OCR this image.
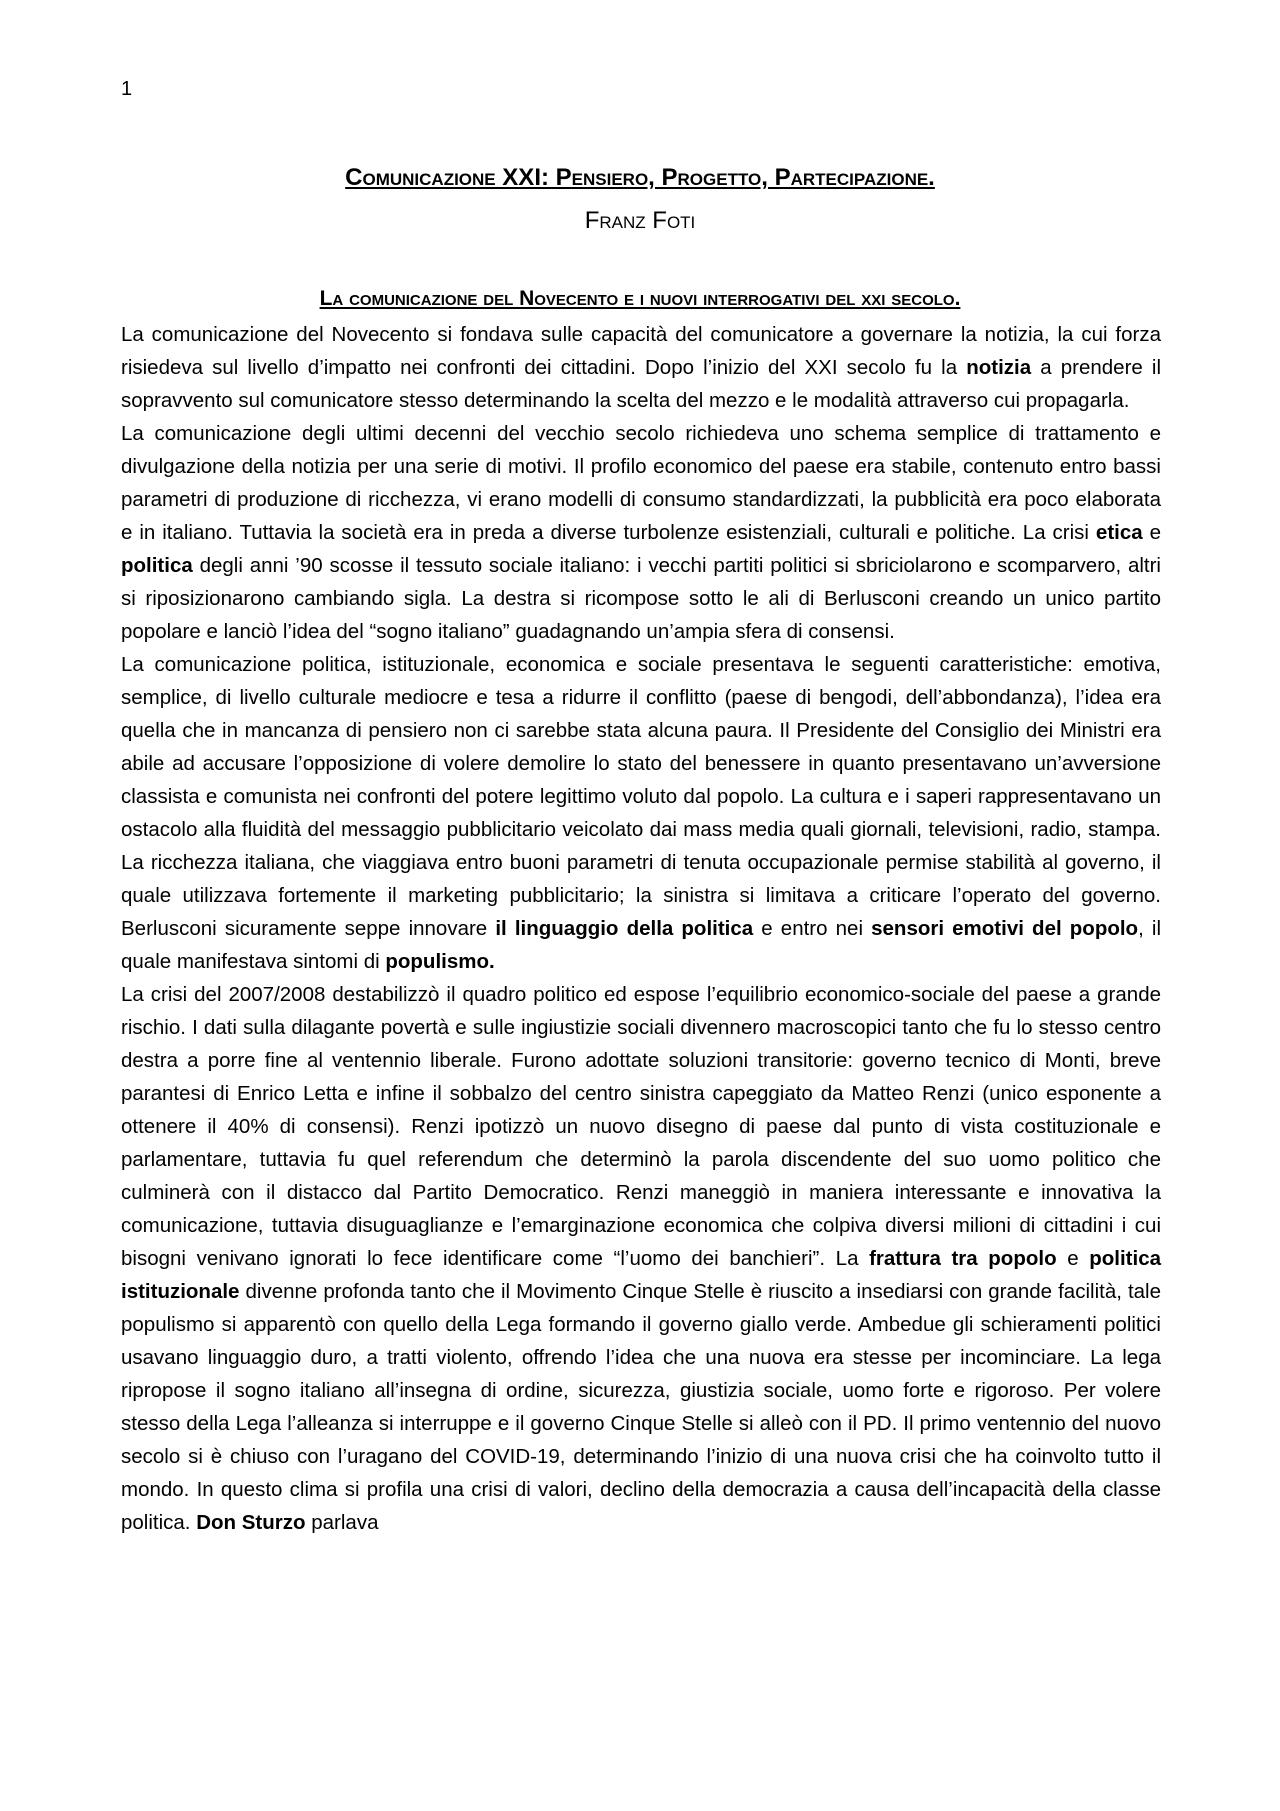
1
Comunicazione XXI: Pensiero, Progetto, Partecipazione.
Franz Foti
La comunicazione del Novecento e i nuovi interrogativi del xxi secolo.

La comunicazione del Novecento si fondava sulle capacità del comunicatore a governare la notizia, la cui forza risiedeva sul livello d’impatto nei confronti dei cittadini. Dopo l’inizio del XXI secolo fu la notizia a prendere il sopravvento sul comunicatore stesso determinando la scelta del mezzo e le modalità attraverso cui propagarla.

La comunicazione degli ultimi decenni del vecchio secolo richiedeva uno schema semplice di trattamento e divulgazione della notizia per una serie di motivi. Il profilo economico del paese era stabile, contenuto entro bassi parametri di produzione di ricchezza, vi erano modelli di consumo standardizzati, la pubblicità era poco elaborata e in italiano. Tuttavia la società era in preda a diverse turbolenze esistenziali, culturali e politiche. La crisi etica e politica degli anni ’90 scosse il tessuto sociale italiano: i vecchi partiti politici si sbriciolarono e scomparvero, altri si riposizionarono cambiando sigla. La destra si ricompose sotto le ali di Berlusconi creando un unico partito popolare e lanciò l’idea del “sogno italiano” guadagnando un’ampia sfera di consensi.

La comunicazione politica, istituzionale, economica e sociale presentava le seguenti caratteristiche: emotiva, semplice, di livello culturale mediocre e tesa a ridurre il conflitto (paese di bengodi, dell’abbondanza), l’idea era quella che in mancanza di pensiero non ci sarebbe stata alcuna paura. Il Presidente del Consiglio dei Ministri era abile ad accusare l’opposizione di volere demolire lo stato del benessere in quanto presentavano un’avversione classista e comunista nei confronti del potere legittimo voluto dal popolo. La cultura e i saperi rappresentavano un ostacolo alla fluidità del messaggio pubblicitario veicolato dai mass media quali giornali, televisioni, radio, stampa. La ricchezza italiana, che viaggiava entro buoni parametri di tenuta occupazionale permise stabilità al governo, il quale utilizzava fortemente il marketing pubblicitario; la sinistra si limitava a criticare l’operato del governo. Berlusconi sicuramente seppe innovare il linguaggio della politica e entro nei sensori emotivi del popolo, il quale manifestava sintomi di populismo.

La crisi del 2007/2008 destabilizzò il quadro politico ed espose l’equilibrio economico-sociale del paese a grande rischio. I dati sulla dilagante povertà e sulle ingiustizie sociali divennero macroscopici tanto che fu lo stesso centro destra a porre fine al ventennio liberale. Furono adottate soluzioni transitorie: governo tecnico di Monti, breve parantesi di Enrico Letta e infine il sobbalzo del centro sinistra capeggiato da Matteo Renzi (unico esponente a ottenere il 40% di consensi). Renzi ipotizzò un nuovo disegno di paese dal punto di vista costituzionale e parlamentare, tuttavia fu quel referendum che determinò la parola discendente del suo uomo politico che culminerà con il distacco dal Partito Democratico. Renzi maneggiò in maniera interessante e innovativa la comunicazione, tuttavia disuguaglianze e l’emarginazione economica che colpiva diversi milioni di cittadini i cui bisogni venivano ignorati lo fece identificare come “l’uomo dei banchieri”. La frattura tra popolo e politica istituzionale divenne profonda tanto che il Movimento Cinque Stelle è riuscito a insediarsi con grande facilità, tale populismo si apparentò con quello della Lega formando il governo giallo verde. Ambedue gli schieramenti politici usavano linguaggio duro, a tratti violento, offrendo l’idea che una nuova era stesse per incominciare. La lega ripropose il sogno italiano all’insegna di ordine, sicurezza, giustizia sociale, uomo forte e rigoroso. Per volere stesso della Lega l’alleanza si interruppe e il governo Cinque Stelle si alleò con il PD. Il primo ventennio del nuovo secolo si è chiuso con l’uragano del COVID-19, determinando l’inizio di una nuova crisi che ha coinvolto tutto il mondo. In questo clima si profila una crisi di valori, declino della democrazia a causa dell’incapacità della classe politica. Don Sturzo parlava
